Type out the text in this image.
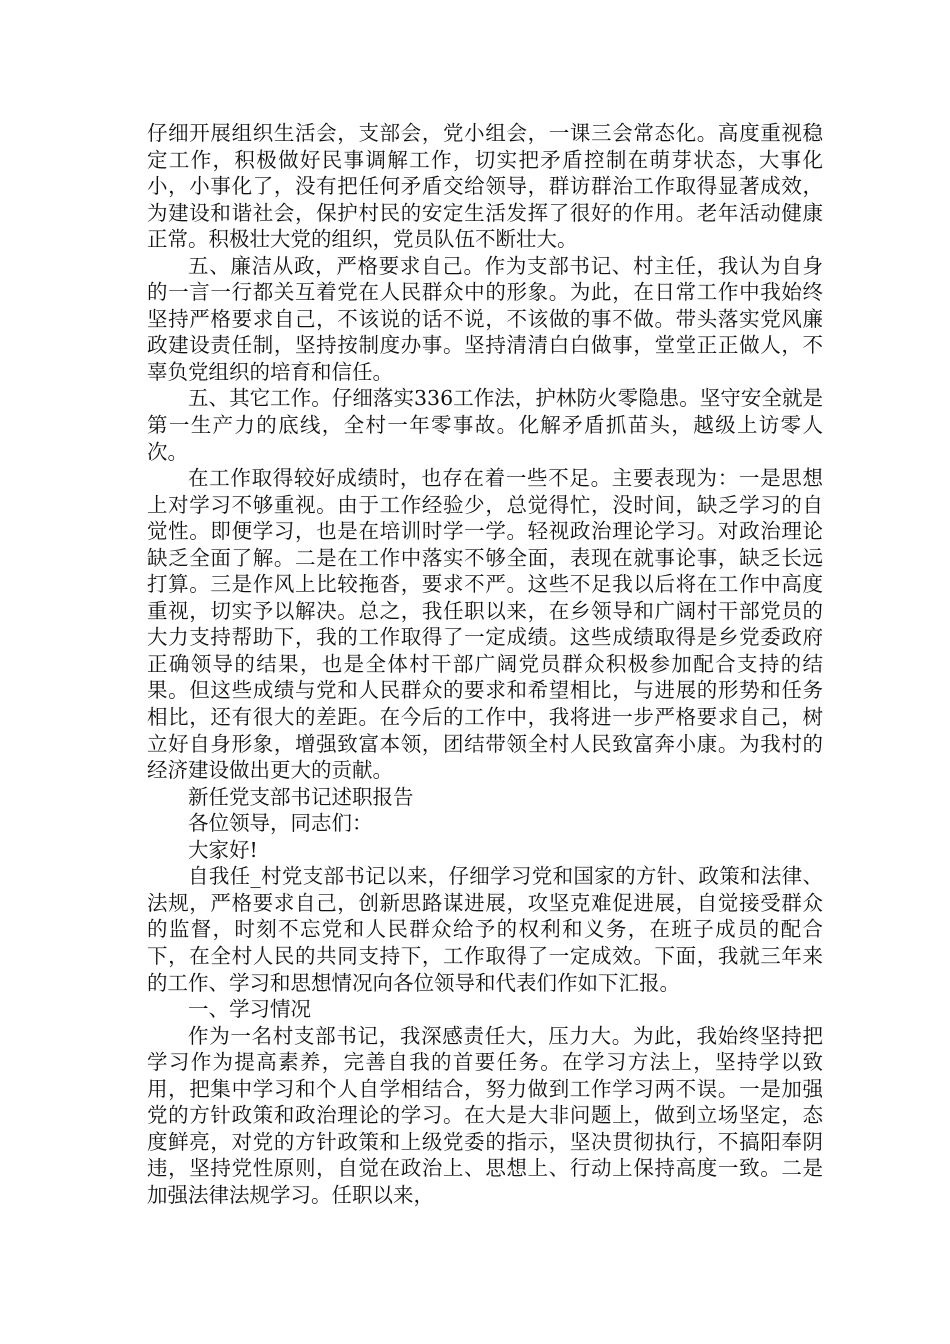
仔细开展组织生活会，支部会，党小组会，一课三会常态化。高度重视稳定工作，积极做好民事调解工作，切实把矛盾控制在萌芽状态，大事化小，小事化了，没有把任何矛盾交给领导，群访群治工作取得显著成效，为建设和谐社会，保护村民的安定生活发挥了很好的作用。老年活动健康正常。积极壮大党的组织，党员队伍不断壮大。

五、廉洁从政，严格要求自己。作为支部书记、村主任，我认为自身的一言一行都关互着党在人民群众中的形象。为此，在日常工作中我始终坚持严格要求自己，不该说的话不说，不该做的事不做。带头落实党风廉政建设责任制，坚持按制度办事。坚持清清白白做事，堂堂正正做人，不辜负党组织的培育和信任。

五、其它工作。仔细落实336工作法，护林防火零隐患。坚守安全就是第一生产力的底线，全村一年零事故。化解矛盾抓苗头，越级上访零人次。

在工作取得较好成绩时，也存在着一些不足。主要表现为：一是思想上对学习不够重视。由于工作经验少，总觉得忙，没时间，缺乏学习的自觉性。即便学习，也是在培训时学一学。轻视政治理论学习。对政治理论缺乏全面了解。二是在工作中落实不够全面，表现在就事论事，缺乏长远打算。三是作风上比较拖沓，要求不严。这些不足我以后将在工作中高度重视，切实予以解决。总之，我任职以来，在乡领导和广阔村干部党员的大力支持帮助下，我的工作取得了一定成绩。这些成绩取得是乡党委政府正确领导的结果，也是全体村干部广阔党员群众积极参加配合支持的结果。但这些成绩与党和人民群众的要求和希望相比，与进展的形势和任务相比，还有很大的差距。在今后的工作中，我将进一步严格要求自己，树立好自身形象，增强致富本领，团结带领全村人民致富奔小康。为我村的经济建设做出更大的贡献。

新任党支部书记述职报告

各位领导，同志们：

大家好!

自我任_村党支部书记以来，仔细学习党和国家的方针、政策和法律、法规，严格要求自己，创新思路谋进展，攻坚克难促进展，自觉接受群众的监督，时刻不忘党和人民群众给予的权利和义务，在班子成员的配合下，在全村人民的共同支持下，工作取得了一定成效。下面，我就三年来的工作、学习和思想情况向各位领导和代表们作如下汇报。

一、学习情况

作为一名村支部书记，我深感责任大，压力大。为此，我始终坚持把学习作为提高素养，完善自我的首要任务。在学习方法上，坚持学以致用，把集中学习和个人自学相结合，努力做到工作学习两不误。一是加强党的方针政策和政治理论的学习。在大是大非问题上，做到立场坚定，态度鲜亮，对党的方针政策和上级党委的指示，坚决贯彻执行，不搞阳奉阴违，坚持党性原则，自觉在政治上、思想上、行动上保持高度一致。二是加强法律法规学习。任职以来，
